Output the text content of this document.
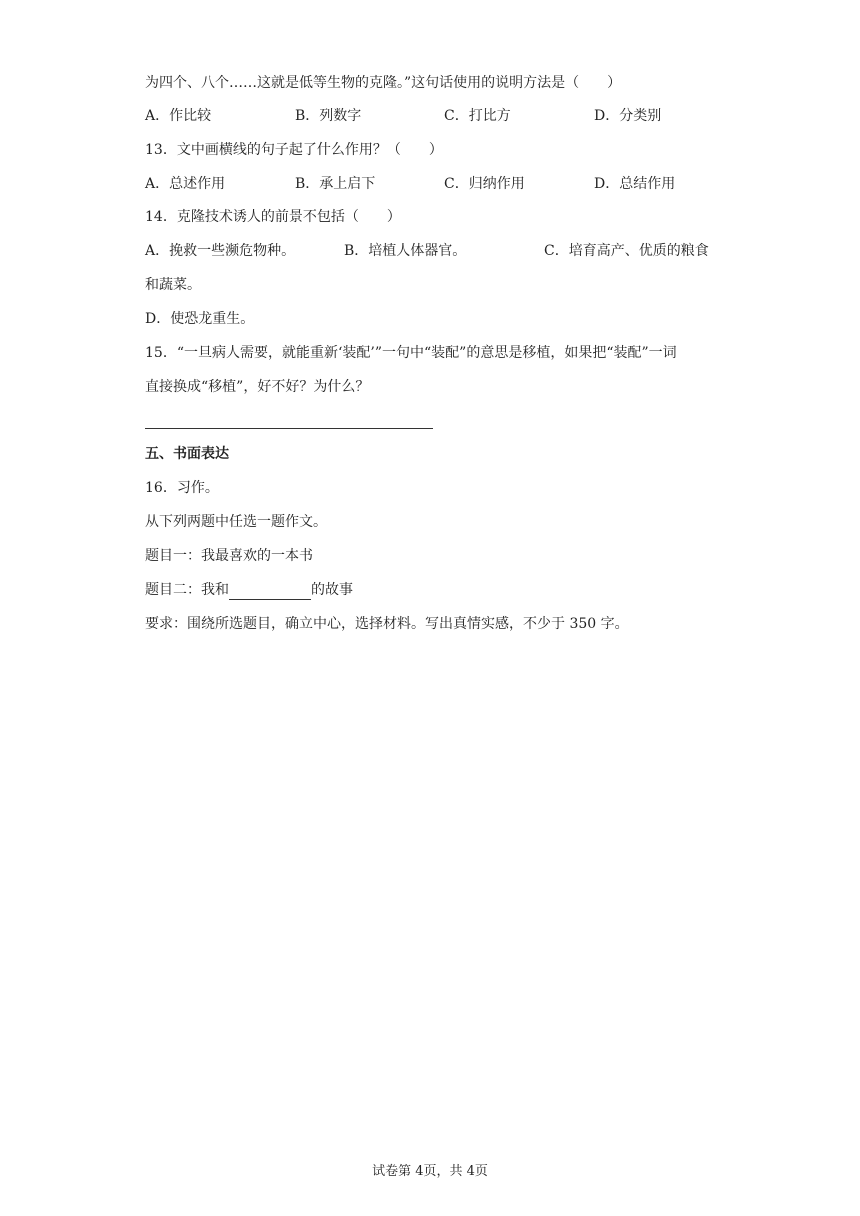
为四个、八个……这就是低等生物的克隆。”这句话使用的说明方法是（　　）
A．作比较	B．列数字	C．打比方	D．分类别
13．文中画横线的句子起了什么作用？（　　）
A．总述作用	B．承上启下	C．归纳作用	D．总结作用
14．克隆技术诱人的前景不包括（　　）
A．挽救一些濒危物种。	B．培植人体器官。	C．培育高产、优质的粮食
和蔬菜。
D．使恐龙重生。
15．“一旦病人需要，就能重新‘装配’”一句中“装配”的意思是移植，如果把“装配”一词
直接换成“移植”，好不好？为什么？
五、书面表达
16．习作。
从下列两题中任选一题作文。
题目一：我最喜欢的一本书
题目二：我和	的故事
要求：围绕所选题目，确立中心，选择材料。写出真情实感，不少于 350 字。
试卷第 4页，共 4页
